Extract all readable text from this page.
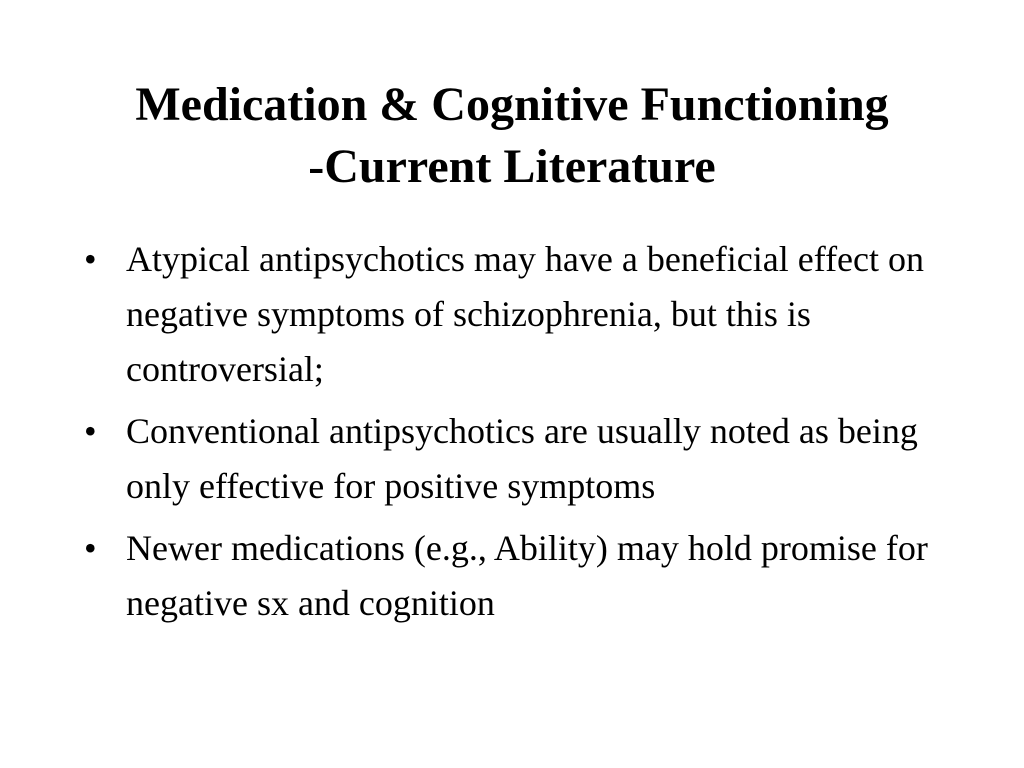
Medication & Cognitive Functioning
-Current Literature
• Atypical antipsychotics may have a beneficial effect on negative symptoms of schizophrenia, but this is controversial;
• Conventional antipsychotics are usually noted as being only effective for positive symptoms
• Newer medications (e.g., Ability) may hold promise for negative sx and cognition
